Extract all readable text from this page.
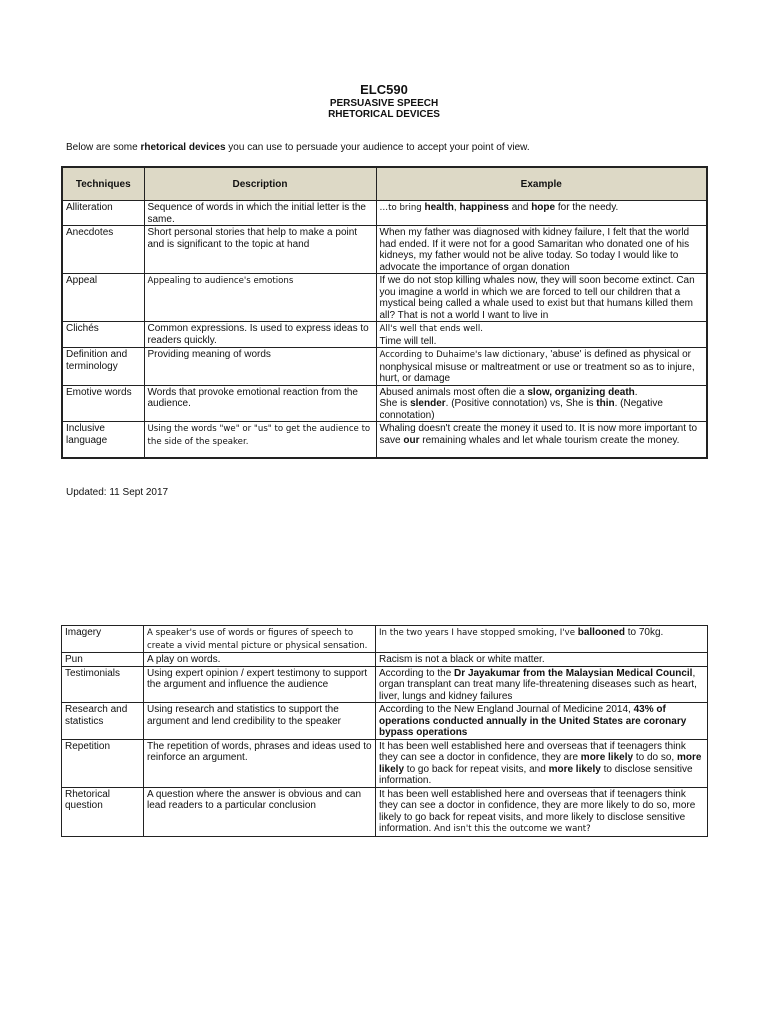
ELC590
PERSUASIVE SPEECH
RHETORICAL DEVICES
Below are some rhetorical devices you can use to persuade your audience to accept your point of view.
Techniques	Description	Example
Alliteration	Sequence of words in which the initial letter is the same.	…to bring health, happiness and hope for the needy.
Anecdotes	Short personal stories that help to make a point and is significant to the topic at hand	When my father was diagnosed with kidney failure, I felt that the world had ended. If it were not for a good Samaritan who donated one of his kidneys, my father would not be alive today. So today I would like to advocate the importance of organ donation
Appeal	Appealing to audience's emotions	If we do not stop killing whales now, they will soon become extinct. Can you imagine a world in which we are forced to tell our children that a mystical being called a whale used to exist but that humans killed them all? That is not a world I want to live in
Clichés	Common expressions. Is used to express ideas to readers quickly.	All's well that ends well.
Time will tell.
Definition and terminology	Providing meaning of words	According to Duhaime's law dictionary, 'abuse' is defined as physical or nonphysical misuse or maltreatment or use or treatment so as to injure, hurt, or damage
Emotive words	Words that provoke emotional reaction from the audience.	Abused animals most often die a slow, organizing death.
She is slender. (Positive connotation) vs, She is thin. (Negative connotation)
Inclusive language	Using the words "we" or "us" to get the audience to the side of the speaker.	Whaling doesn't create the money it used to. It is now more important to save our remaining whales and let whale tourism create the money.
Updated: 11 Sept 2017
Imagery	A speaker's use of words or figures of speech to create a vivid mental picture or physical sensation.	In the two years I have stopped smoking, I've ballooned to 70kg.
Pun	A play on words.	Racism is not a black or white matter.
Testimonials	Using expert opinion / expert testimony to support the argument and influence the audience	According to the Dr Jayakumar from the Malaysian Medical Council, organ transplant can treat many life-threatening diseases such as heart, liver, lungs and kidney failures
Research and statistics	Using research and statistics to support the argument and lend credibility to the speaker	According to the New England Journal of Medicine 2014, 43% of operations conducted annually in the United States are coronary bypass operations
Repetition	The repetition of words, phrases and ideas used to reinforce an argument.	It has been well established here and overseas that if teenagers think they can see a doctor in confidence, they are more likely to do so, more likely to go back for repeat visits, and more likely to disclose sensitive information.
Rhetorical question	A question where the answer is obvious and can lead readers to a particular conclusion	It has been well established here and overseas that if teenagers think they can see a doctor in confidence, they are more likely to do so, more likely to go back for repeat visits, and more likely to disclose sensitive information. And isn't this the outcome we want?
